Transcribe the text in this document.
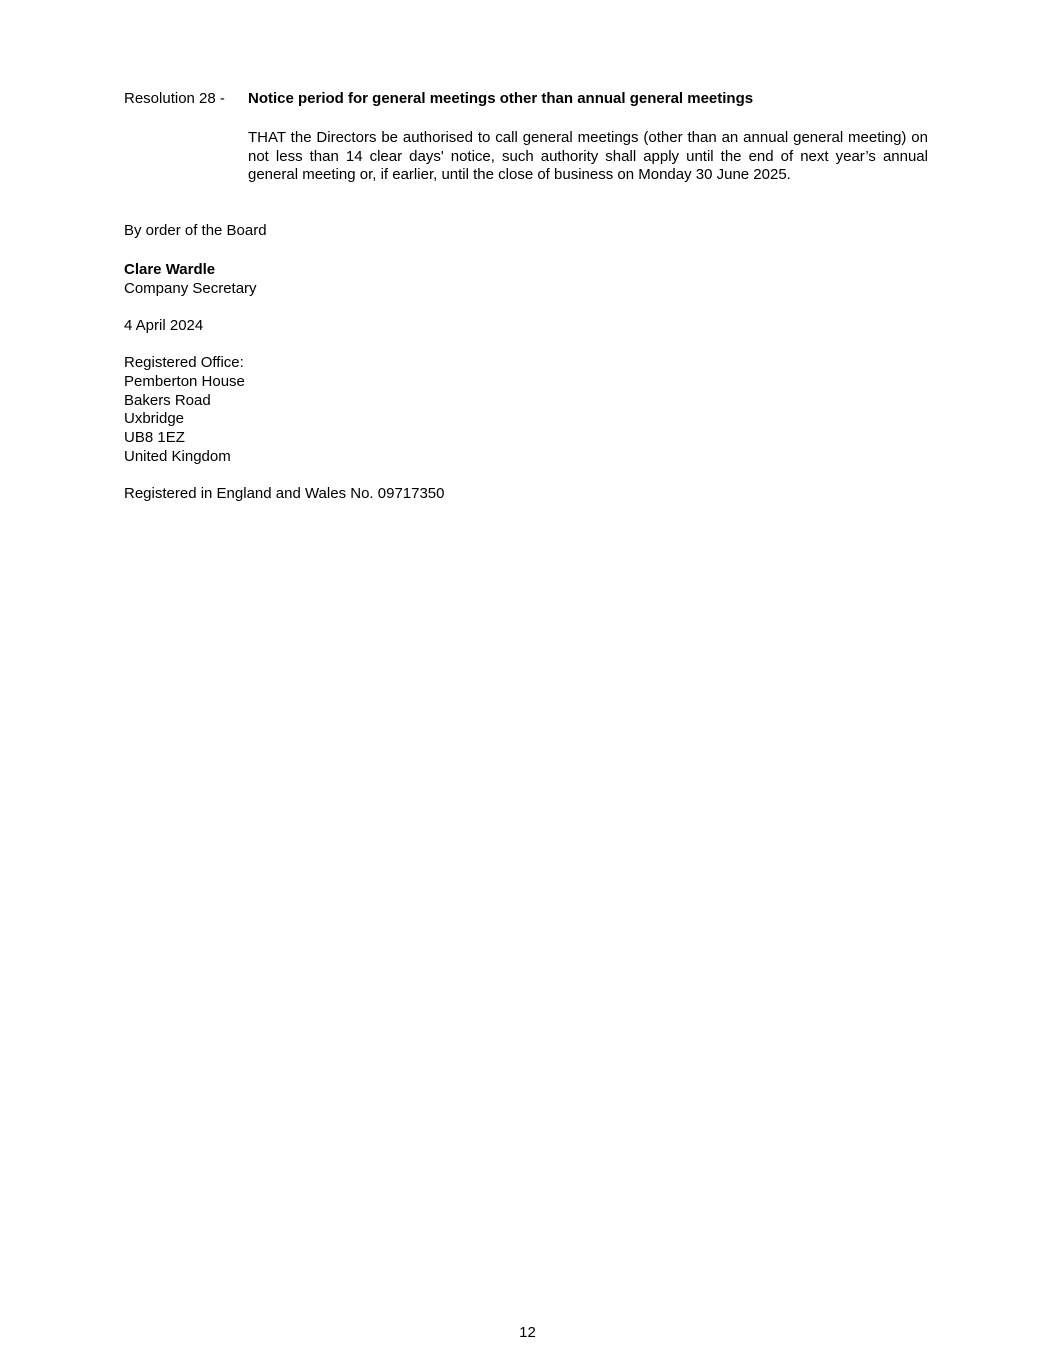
Resolution 28 - Notice period for general meetings other than annual general meetings
THAT the Directors be authorised to call general meetings (other than an annual general meeting) on not less than 14 clear days' notice, such authority shall apply until the end of next year’s annual general meeting or, if earlier, until the close of business on Monday 30 June 2025.
By order of the Board
Clare Wardle
Company Secretary
4 April 2024
Registered Office:
Pemberton House
Bakers Road
Uxbridge
UB8 1EZ
United Kingdom
Registered in England and Wales No. 09717350
12
